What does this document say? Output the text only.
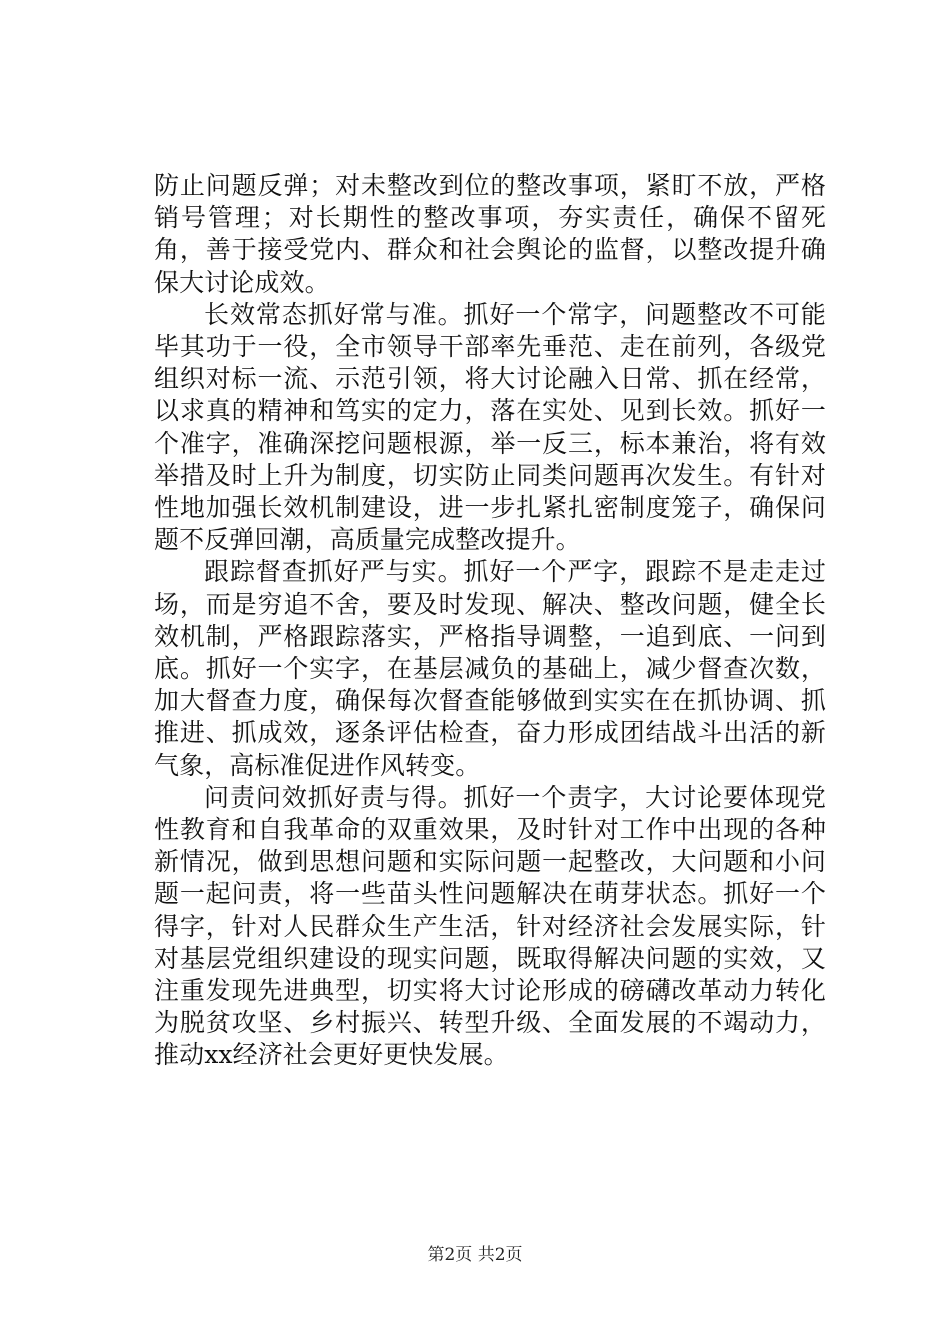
防止问题反弹；对未整改到位的整改事项，紧盯不放，严格销号管理；对长期性的整改事项，夯实责任，确保不留死角，善于接受党内、群众和社会舆论的监督，以整改提升确保大讨论成效。

长效常态抓好常与准。抓好一个常字，问题整改不可能毕其功于一役，全市领导干部率先垂范、走在前列，各级党组织对标一流、示范引领，将大讨论融入日常、抓在经常，以求真的精神和笃实的定力，落在实处、见到长效。抓好一个准字，准确深挖问题根源，举一反三，标本兼治，将有效举措及时上升为制度，切实防止同类问题再次发生。有针对性地加强长效机制建设，进一步扎紧扎密制度笼子，确保问题不反弹回潮，高质量完成整改提升。

跟踪督查抓好严与实。抓好一个严字，跟踪不是走走过场，而是穷追不舍，要及时发现、解决、整改问题，健全长效机制，严格跟踪落实，严格指导调整，一追到底、一问到底。抓好一个实字，在基层减负的基础上，减少督查次数，加大督查力度，确保每次督查能够做到实实在在抓协调、抓推进、抓成效，逐条评估检查，奋力形成团结战斗出活的新气象，高标准促进作风转变。

问责问效抓好责与得。抓好一个责字，大讨论要体现党性教育和自我革命的双重效果，及时针对工作中出现的各种新情况，做到思想问题和实际问题一起整改，大问题和小问题一起问责，将一些苗头性问题解决在萌芽状态。抓好一个得字，针对人民群众生产生活，针对经济社会发展实际，针对基层党组织建设的现实问题，既取得解决问题的实效，又注重发现先进典型，切实将大讨论形成的磅礴改革动力转化为脱贫攻坚、乡村振兴、转型升级、全面发展的不竭动力，推动xx经济社会更好更快发展。

第2页 共2页
